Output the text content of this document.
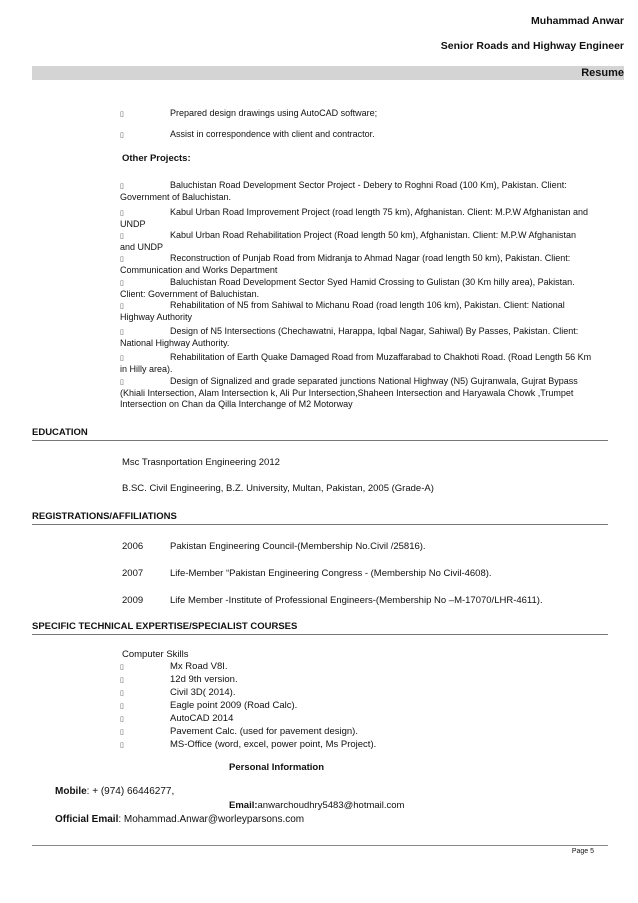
Muhammad Anwar
Senior Roads and Highway Engineer
Resume
▯	Prepared design drawings using AutoCAD software;
▯	Assist in correspondence with client and contractor.
Other Projects:
▯	Baluchistan Road Development Sector Project - Debery to Roghni Road (100 Km), Pakistan. Client: Government of Baluchistan.
▯	Kabul Urban Road Improvement Project (road length 75 km), Afghanistan. Client: M.P.W Afghanistan and UNDP
▯	Kabul Urban Road Rehabilitation Project (Road length 50 km), Afghanistan. Client: M.P.W Afghanistan and UNDP
▯	Reconstruction of Punjab Road from Midranja to Ahmad Nagar (road length 50 km), Pakistan. Client: Communication and Works Department
▯	Baluchistan Road Development Sector Syed Hamid Crossing to Gulistan (30 Km hilly area), Pakistan. Client: Government of Baluchistan.
▯	Rehabilitation of N5 from Sahiwal to Michanu Road (road length 106 km), Pakistan. Client: National Highway Authority
▯	Design of N5 Intersections (Chechawatni, Harappa, Iqbal Nagar, Sahiwal) By Passes, Pakistan. Client: National Highway Authority.
▯	Rehabilitation of Earth Quake Damaged Road from Muzaffarabad to Chakhoti Road. (Road Length 56 Km in Hilly area).
▯	Design of Signalized and grade separated junctions National Highway (N5) Gujranwala, Gujrat Bypass (Khiali Intersection, Alam Intersection k, Ali Pur Intersection,Shaheen Intersection and Haryawala Chowk ,Trumpet Intersection on Chan da Qilla Interchange of M2 Motorway
EDUCATION
Msc Trasnportation Engineering 2012
B.SC. Civil Engineering, B.Z. University, Multan, Pakistan, 2005 (Grade-A)
REGISTRATIONS/AFFILIATIONS
2006	Pakistan Engineering Council-(Membership No.Civil /25816).
2007	Life-Member “Pakistan Engineering Congress - (Membership No Civil-4608).
2009	Life Member -Institute of Professional Engineers-(Membership No –M-17070/LHR-4611).
SPECIFIC TECHNICAL EXPERTISE/SPECIALIST COURSES
Computer Skills
▯	Mx Road V8I.
▯	12d 9th version.
▯	Civil 3D( 2014).
▯	Eagle point 2009 (Road Calc).
▯	AutoCAD 2014
▯	Pavement Calc. (used for pavement design).
▯	MS-Office (word, excel, power point, Ms Project).
Personal Information
Mobile: + (974) 66446277,
Email:anwarchoudhry5483@hotmail.com
Official Email: Mohammad.Anwar@worleyparsons.com
Page 5
